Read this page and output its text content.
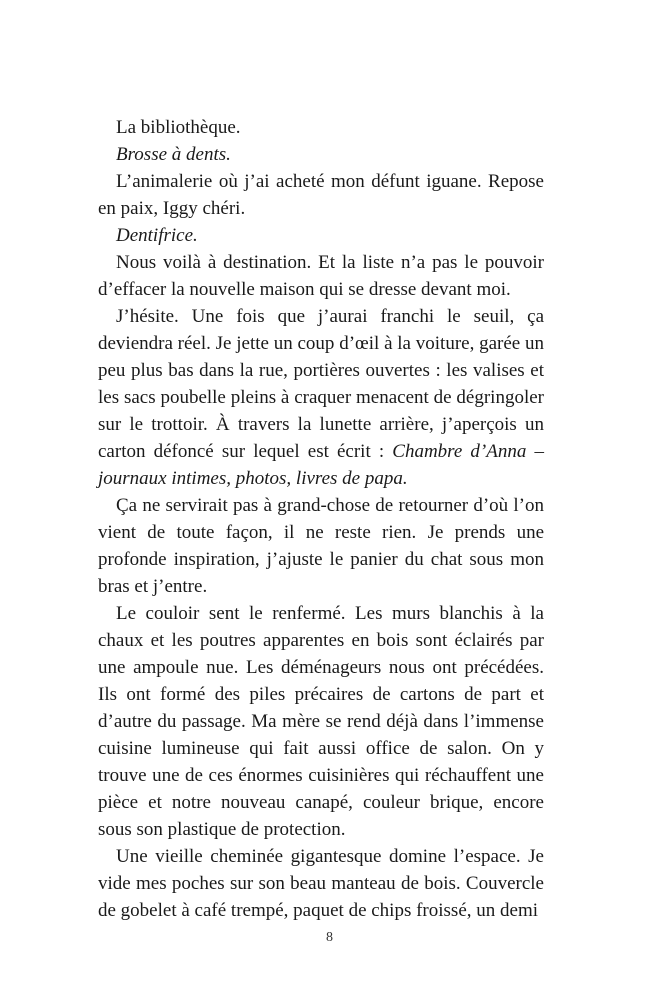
La bibliothèque.

Brosse à dents.

L’animalerie où j’ai acheté mon défunt iguane. Repose en paix, Iggy chéri.

Dentifrice.

Nous voilà à destination. Et la liste n’a pas le pouvoir d’effacer la nouvelle maison qui se dresse devant moi.

J’hésite. Une fois que j’aurai franchi le seuil, ça deviendra réel. Je jette un coup d’œil à la voiture, garée un peu plus bas dans la rue, portières ouvertes : les valises et les sacs poubelle pleins à craquer menacent de dégringoler sur le trottoir. À travers la lunette arrière, j’aperçois un carton défoncé sur lequel est écrit : Chambre d’Anna – journaux intimes, photos, livres de papa.

Ça ne servirait pas à grand-chose de retourner d’où l’on vient de toute façon, il ne reste rien. Je prends une profonde inspiration, j’ajuste le panier du chat sous mon bras et j’entre.

Le couloir sent le renfermé. Les murs blanchis à la chaux et les poutres apparentes en bois sont éclairés par une ampoule nue. Les déménageurs nous ont précédées. Ils ont formé des piles précaires de cartons de part et d’autre du passage. Ma mère se rend déjà dans l’immense cuisine lumineuse qui fait aussi office de salon. On y trouve une de ces énormes cuisinières qui réchauffent une pièce et notre nouveau canapé, couleur brique, encore sous son plastique de protection.

Une vieille cheminée gigantesque domine l’espace. Je vide mes poches sur son beau manteau de bois. Couvercle de gobelet à café trempé, paquet de chips froissé, un demi

8
